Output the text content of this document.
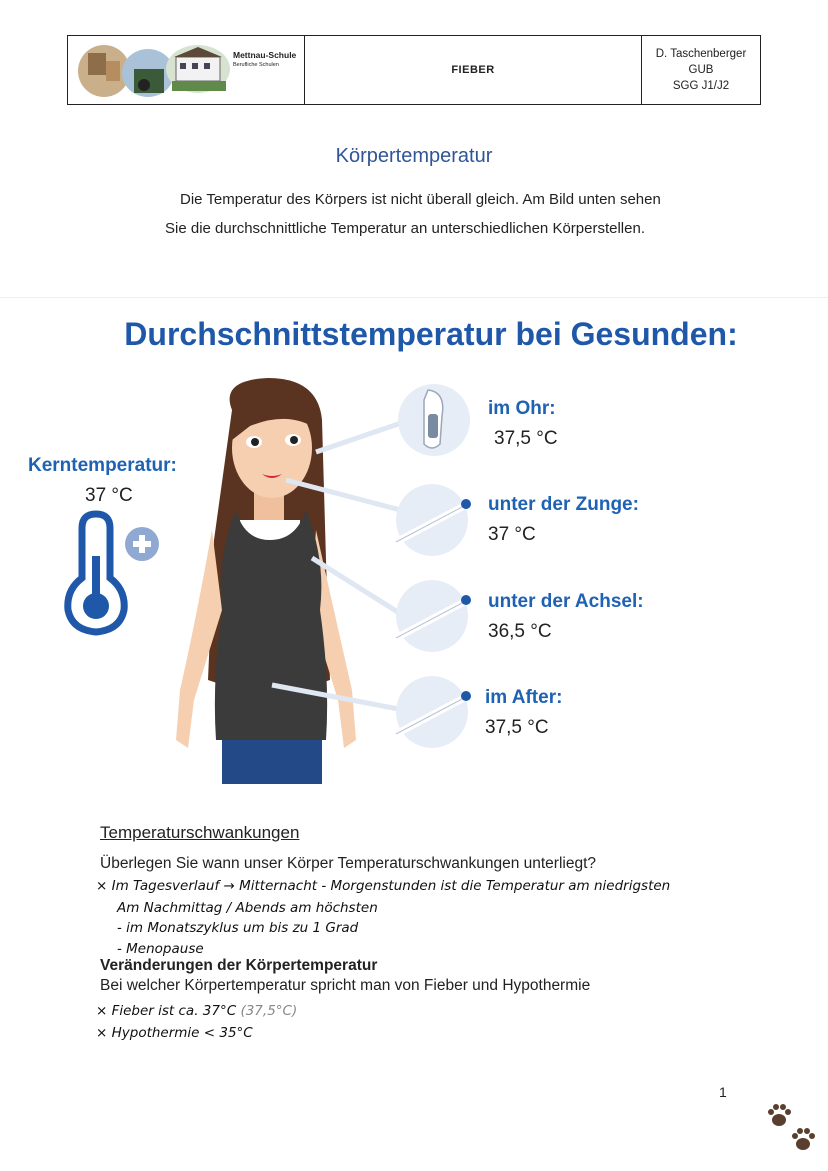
Mettnau-Schule
Berufliche Schulen	FIEBER
D. Taschenberger
GUB
SGG J1/J2
Körpertemperatur
Die Temperatur des Körpers ist nicht überall gleich. Am Bild unten sehen
Sie die durchschnittliche Temperatur an unterschiedlichen Körperstellen.
Durchschnittstemperatur bei Gesunden:
Kerntemperatur:
37 °C
im Ohr:
37,5 °C
unter der Zunge:
37 °C
unter der Achsel:
36,5 °C
im After:
37,5 °C
Temperaturschwankungen
Überlegen Sie wann unser Körper Temperaturschwankungen unterliegt?
× Im Tagesverlauf → Mitternacht - Morgenstunden ist die Temperatur am niedrigsten
Am Nachmittag / Abends am höchsten
- im Monatszyklus um bis zu 1 Grad
- Menopause
Veränderungen der Körpertemperatur
Bei welcher Körpertemperatur spricht man von Fieber und Hypothermie
× Fieber ist ca. 37°C (37,5°C)
× Hypothermie < 35°C
1
